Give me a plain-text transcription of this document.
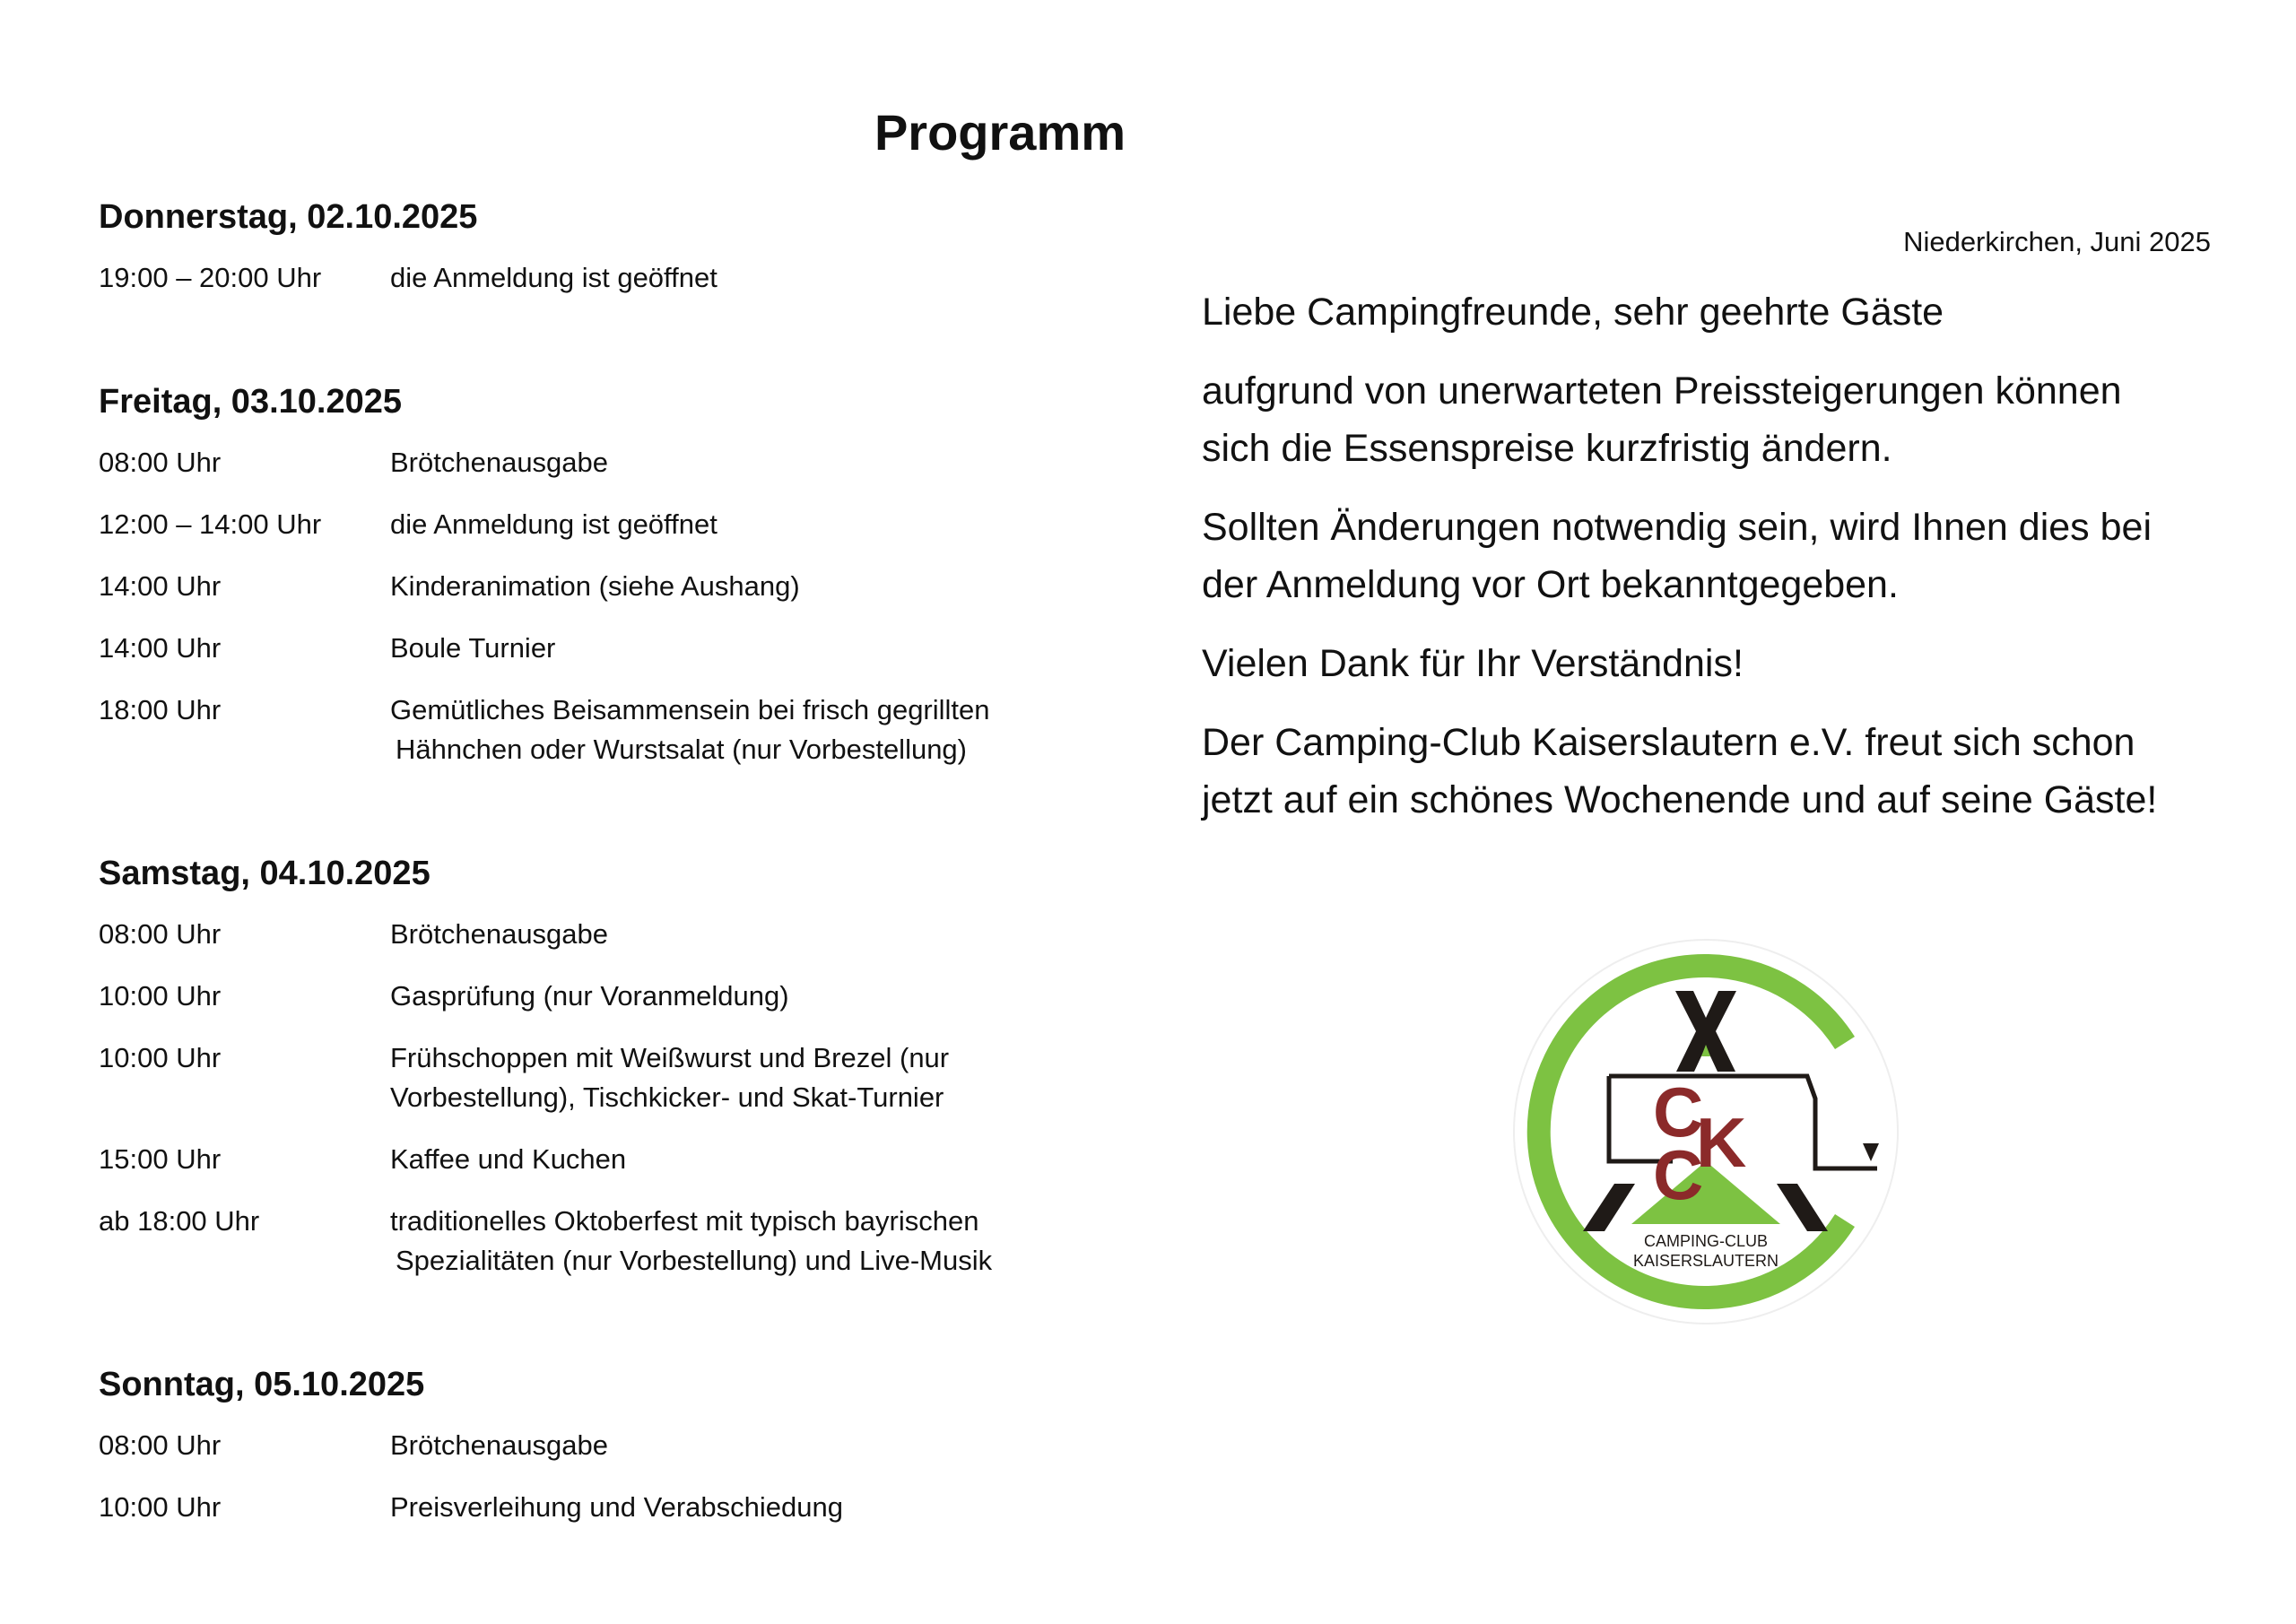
Programm
Donnerstag, 02.10.2025
19:00 – 20:00 Uhr	die Anmeldung ist geöffnet
Freitag, 03.10.2025
08:00 Uhr	Brötchenausgabe
12:00 – 14:00 Uhr	die Anmeldung ist geöffnet
14:00 Uhr	Kinderanimation (siehe Aushang)
14:00 Uhr	Boule Turnier
18:00 Uhr	Gemütliches Beisammensein bei frisch gegrillten
Hähnchen oder Wurstsalat (nur Vorbestellung)
Samstag, 04.10.2025
08:00 Uhr	Brötchenausgabe
10:00 Uhr	Gasprüfung (nur Voranmeldung)
10:00 Uhr	Frühschoppen mit Weißwurst und Brezel (nur
Vorbestellung), Tischkicker- und Skat-Turnier
15:00 Uhr	Kaffee und Kuchen
ab 18:00 Uhr	traditionelles Oktoberfest mit typisch bayrischen
Spezialitäten (nur Vorbestellung) und Live-Musik
Sonntag, 05.10.2025
08:00 Uhr	Brötchenausgabe
10:00 Uhr	Preisverleihung und Verabschiedung
Niederkirchen, Juni 2025

Liebe Campingfreunde, sehr geehrte Gäste

aufgrund von unerwarteten Preissteigerungen können
sich die Essenspreise kurzfristig ändern.

Sollten Änderungen notwendig sein, wird Ihnen dies bei
der Anmeldung vor Ort bekanntgegeben.

Vielen Dank für Ihr Verständnis!

Der Camping-Club Kaiserslautern e.V. freut sich schon
jetzt auf ein schönes Wochenende und auf seine Gäste!

C
K
C
CAMPING-CLUB
KAISERSLAUTERN
